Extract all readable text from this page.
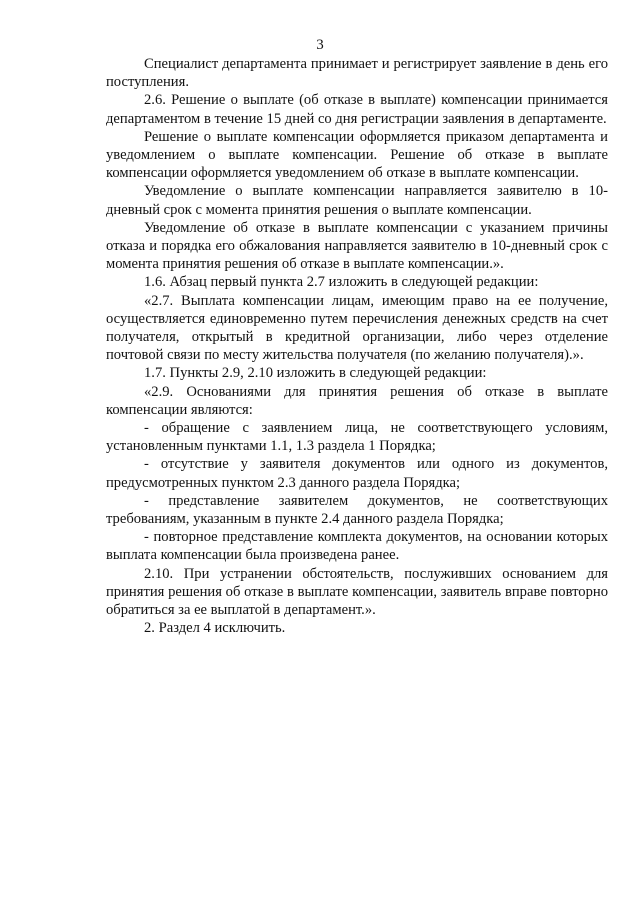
3

Специалист департамента принимает и регистрирует заявление в день его поступления.

2.6. Решение о выплате (об отказе в выплате) компенсации принимается департаментом в течение 15 дней со дня регистрации заявления в департаменте.

Решение о выплате компенсации оформляется приказом департамента и уведомлением о выплате компенсации. Решение об отказе в выплате компенсации оформляется уведомлением об отказе в выплате компенсации.

Уведомление о выплате компенсации направляется заявителю в 10-дневный срок с момента принятия решения о выплате компенсации.

Уведомление об отказе в выплате компенсации с указанием причины отказа и порядка его обжалования направляется заявителю в 10-дневный срок с момента принятия решения об отказе в выплате компенсации.».

1.6. Абзац первый пункта 2.7 изложить в следующей редакции:

«2.7. Выплата компенсации лицам, имеющим право на ее получение, осуществляется единовременно путем перечисления денежных средств на счет получателя, открытый в кредитной организации, либо через отделение почтовой связи по месту жительства получателя (по желанию получателя).».

1.7. Пункты 2.9, 2.10 изложить в следующей редакции:

«2.9. Основаниями для принятия решения об отказе в выплате компенсации являются:

- обращение с заявлением лица, не соответствующего условиям, установленным пунктами 1.1, 1.3 раздела 1 Порядка;

- отсутствие у заявителя документов или одного из документов, предусмотренных пунктом 2.3 данного раздела Порядка;

- представление заявителем документов, не соответствующих требованиям, указанным в пункте 2.4 данного раздела Порядка;

- повторное представление комплекта документов, на основании которых выплата компенсации была произведена ранее.

2.10. При устранении обстоятельств, послуживших основанием для принятия решения об отказе в выплате компенсации, заявитель вправе повторно обратиться за ее выплатой в департамент.».

2. Раздел 4 исключить.
